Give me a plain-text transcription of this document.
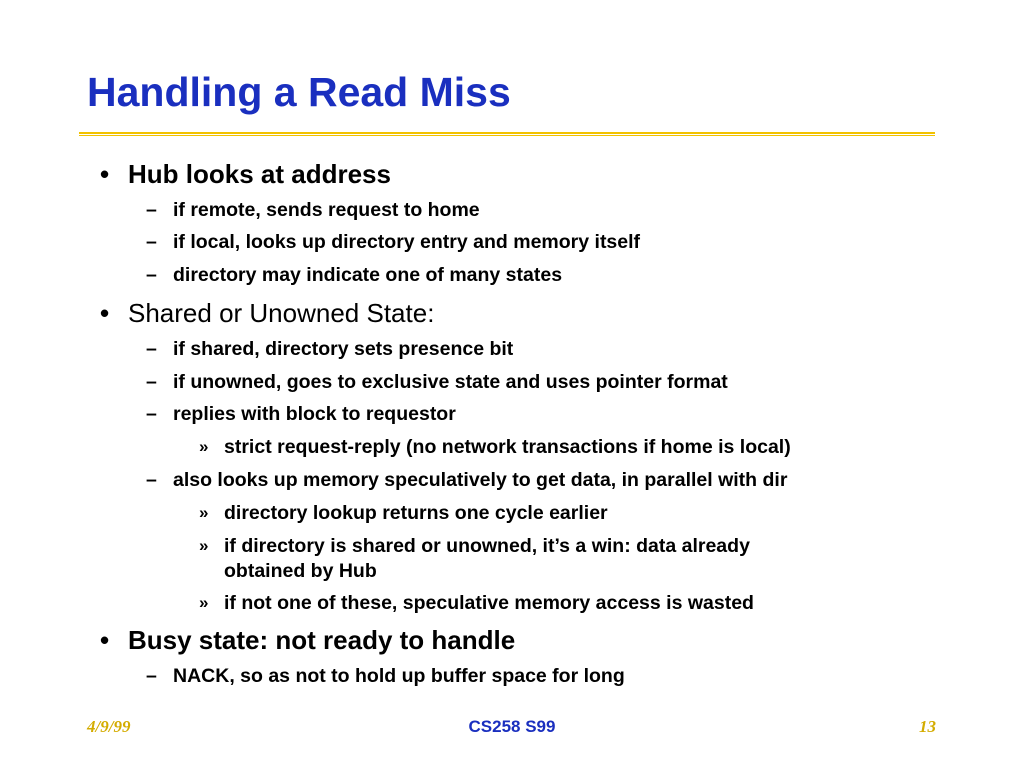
Handling a Read Miss
• Hub looks at address
– if remote, sends request to home
– if local, looks up directory entry and memory itself
– directory may indicate one of many states
• Shared or Unowned State:
– if shared, directory sets presence bit
– if unowned, goes to exclusive state and uses pointer format
– replies with block to requestor
» strict request-reply (no network transactions if home is local)
– also looks up memory speculatively to get data, in parallel with dir
» directory lookup returns one cycle earlier
» if directory is shared or unowned, it’s a win: data already
obtained by Hub
» if not one of these, speculative memory access is wasted
• Busy state: not ready to handle
– NACK, so as not to hold up buffer space for long
4/9/99	CS258 S99	13
